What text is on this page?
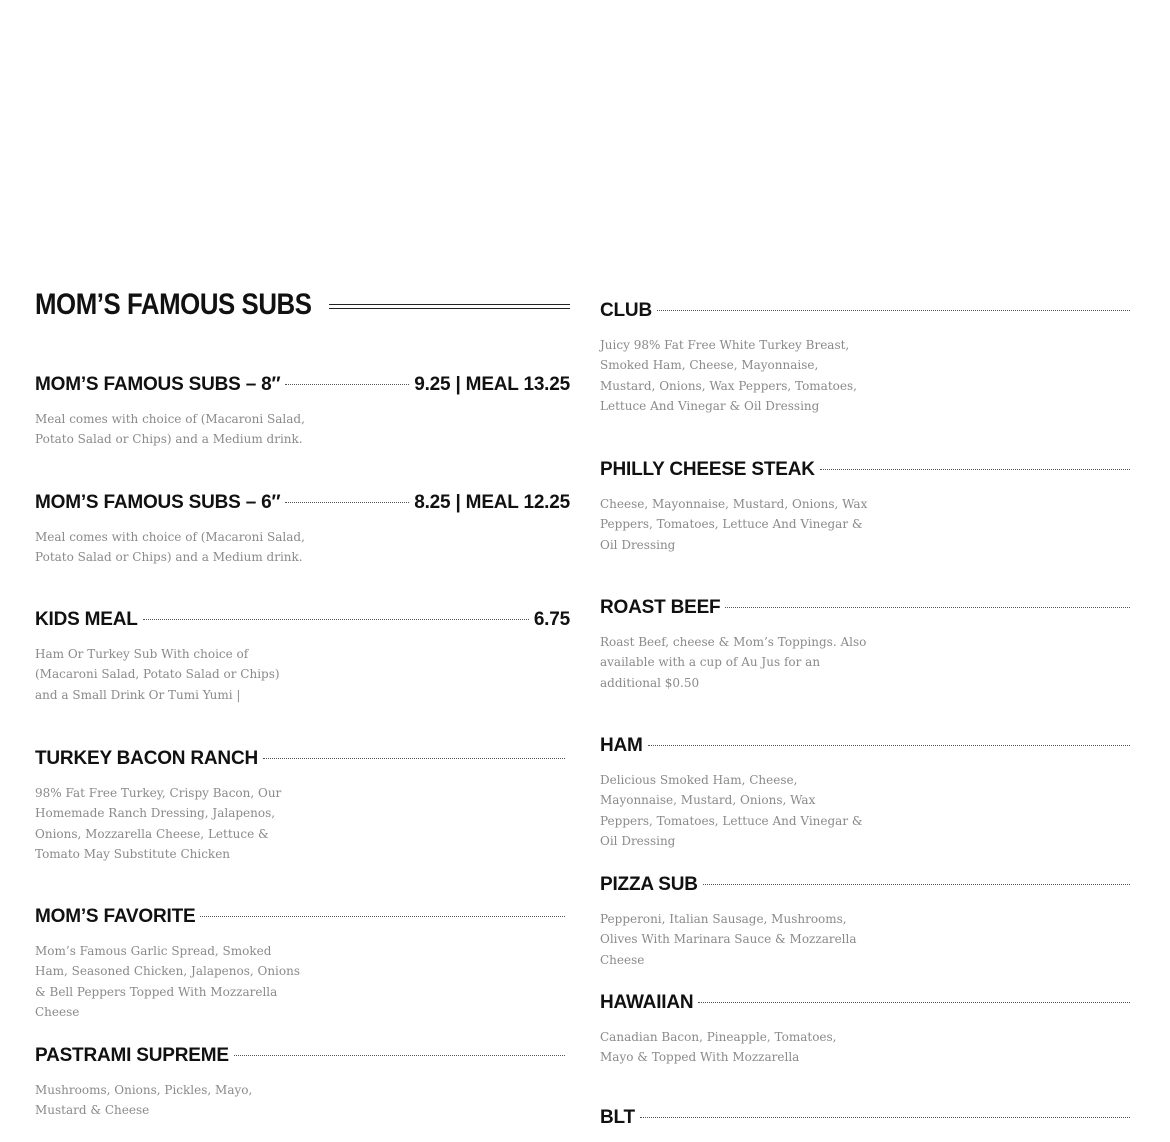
MOM’S FAMOUS SUBS
MOM’S FAMOUS SUBS – 8″	9.25 | MEAL 13.25
Meal comes with choice of (Macaroni Salad, Potato Salad or Chips) and a Medium drink.
MOM’S FAMOUS SUBS – 6″	8.25 | MEAL 12.25
Meal comes with choice of (Macaroni Salad, Potato Salad or Chips) and a Medium drink.
KIDS MEAL	6.75
Ham Or Turkey Sub With choice of (Macaroni Salad, Potato Salad or Chips) and a Small Drink Or Tumi Yumi |
TURKEY BACON RANCH
98% Fat Free Turkey, Crispy Bacon, Our Homemade Ranch Dressing, Jalapenos, Onions, Mozzarella Cheese, Lettuce & Tomato May Substitute Chicken
MOM’S FAVORITE
Mom’s Famous Garlic Spread, Smoked Ham, Seasoned Chicken, Jalapenos, Onions & Bell Peppers Topped With Mozzarella Cheese
PASTRAMI SUPREME
Mushrooms, Onions, Pickles, Mayo, Mustard & Cheese
CLUB
Juicy 98% Fat Free White Turkey Breast, Smoked Ham, Cheese, Mayonnaise, Mustard, Onions, Wax Peppers, Tomatoes, Lettuce And Vinegar & Oil Dressing
PHILLY CHEESE STEAK
Cheese, Mayonnaise, Mustard, Onions, Wax Peppers, Tomatoes, Lettuce And Vinegar & Oil Dressing
ROAST BEEF
Roast Beef, cheese & Mom’s Toppings. Also available with a cup of Au Jus for an additional $0.50
HAM
Delicious Smoked Ham, Cheese, Mayonnaise, Mustard, Onions, Wax Peppers, Tomatoes, Lettuce And Vinegar & Oil Dressing
PIZZA SUB
Pepperoni, Italian Sausage, Mushrooms, Olives With Marinara Sauce & Mozzarella Cheese
HAWAIIAN
Canadian Bacon, Pineapple, Tomatoes, Mayo & Topped With Mozzarella
BLT
